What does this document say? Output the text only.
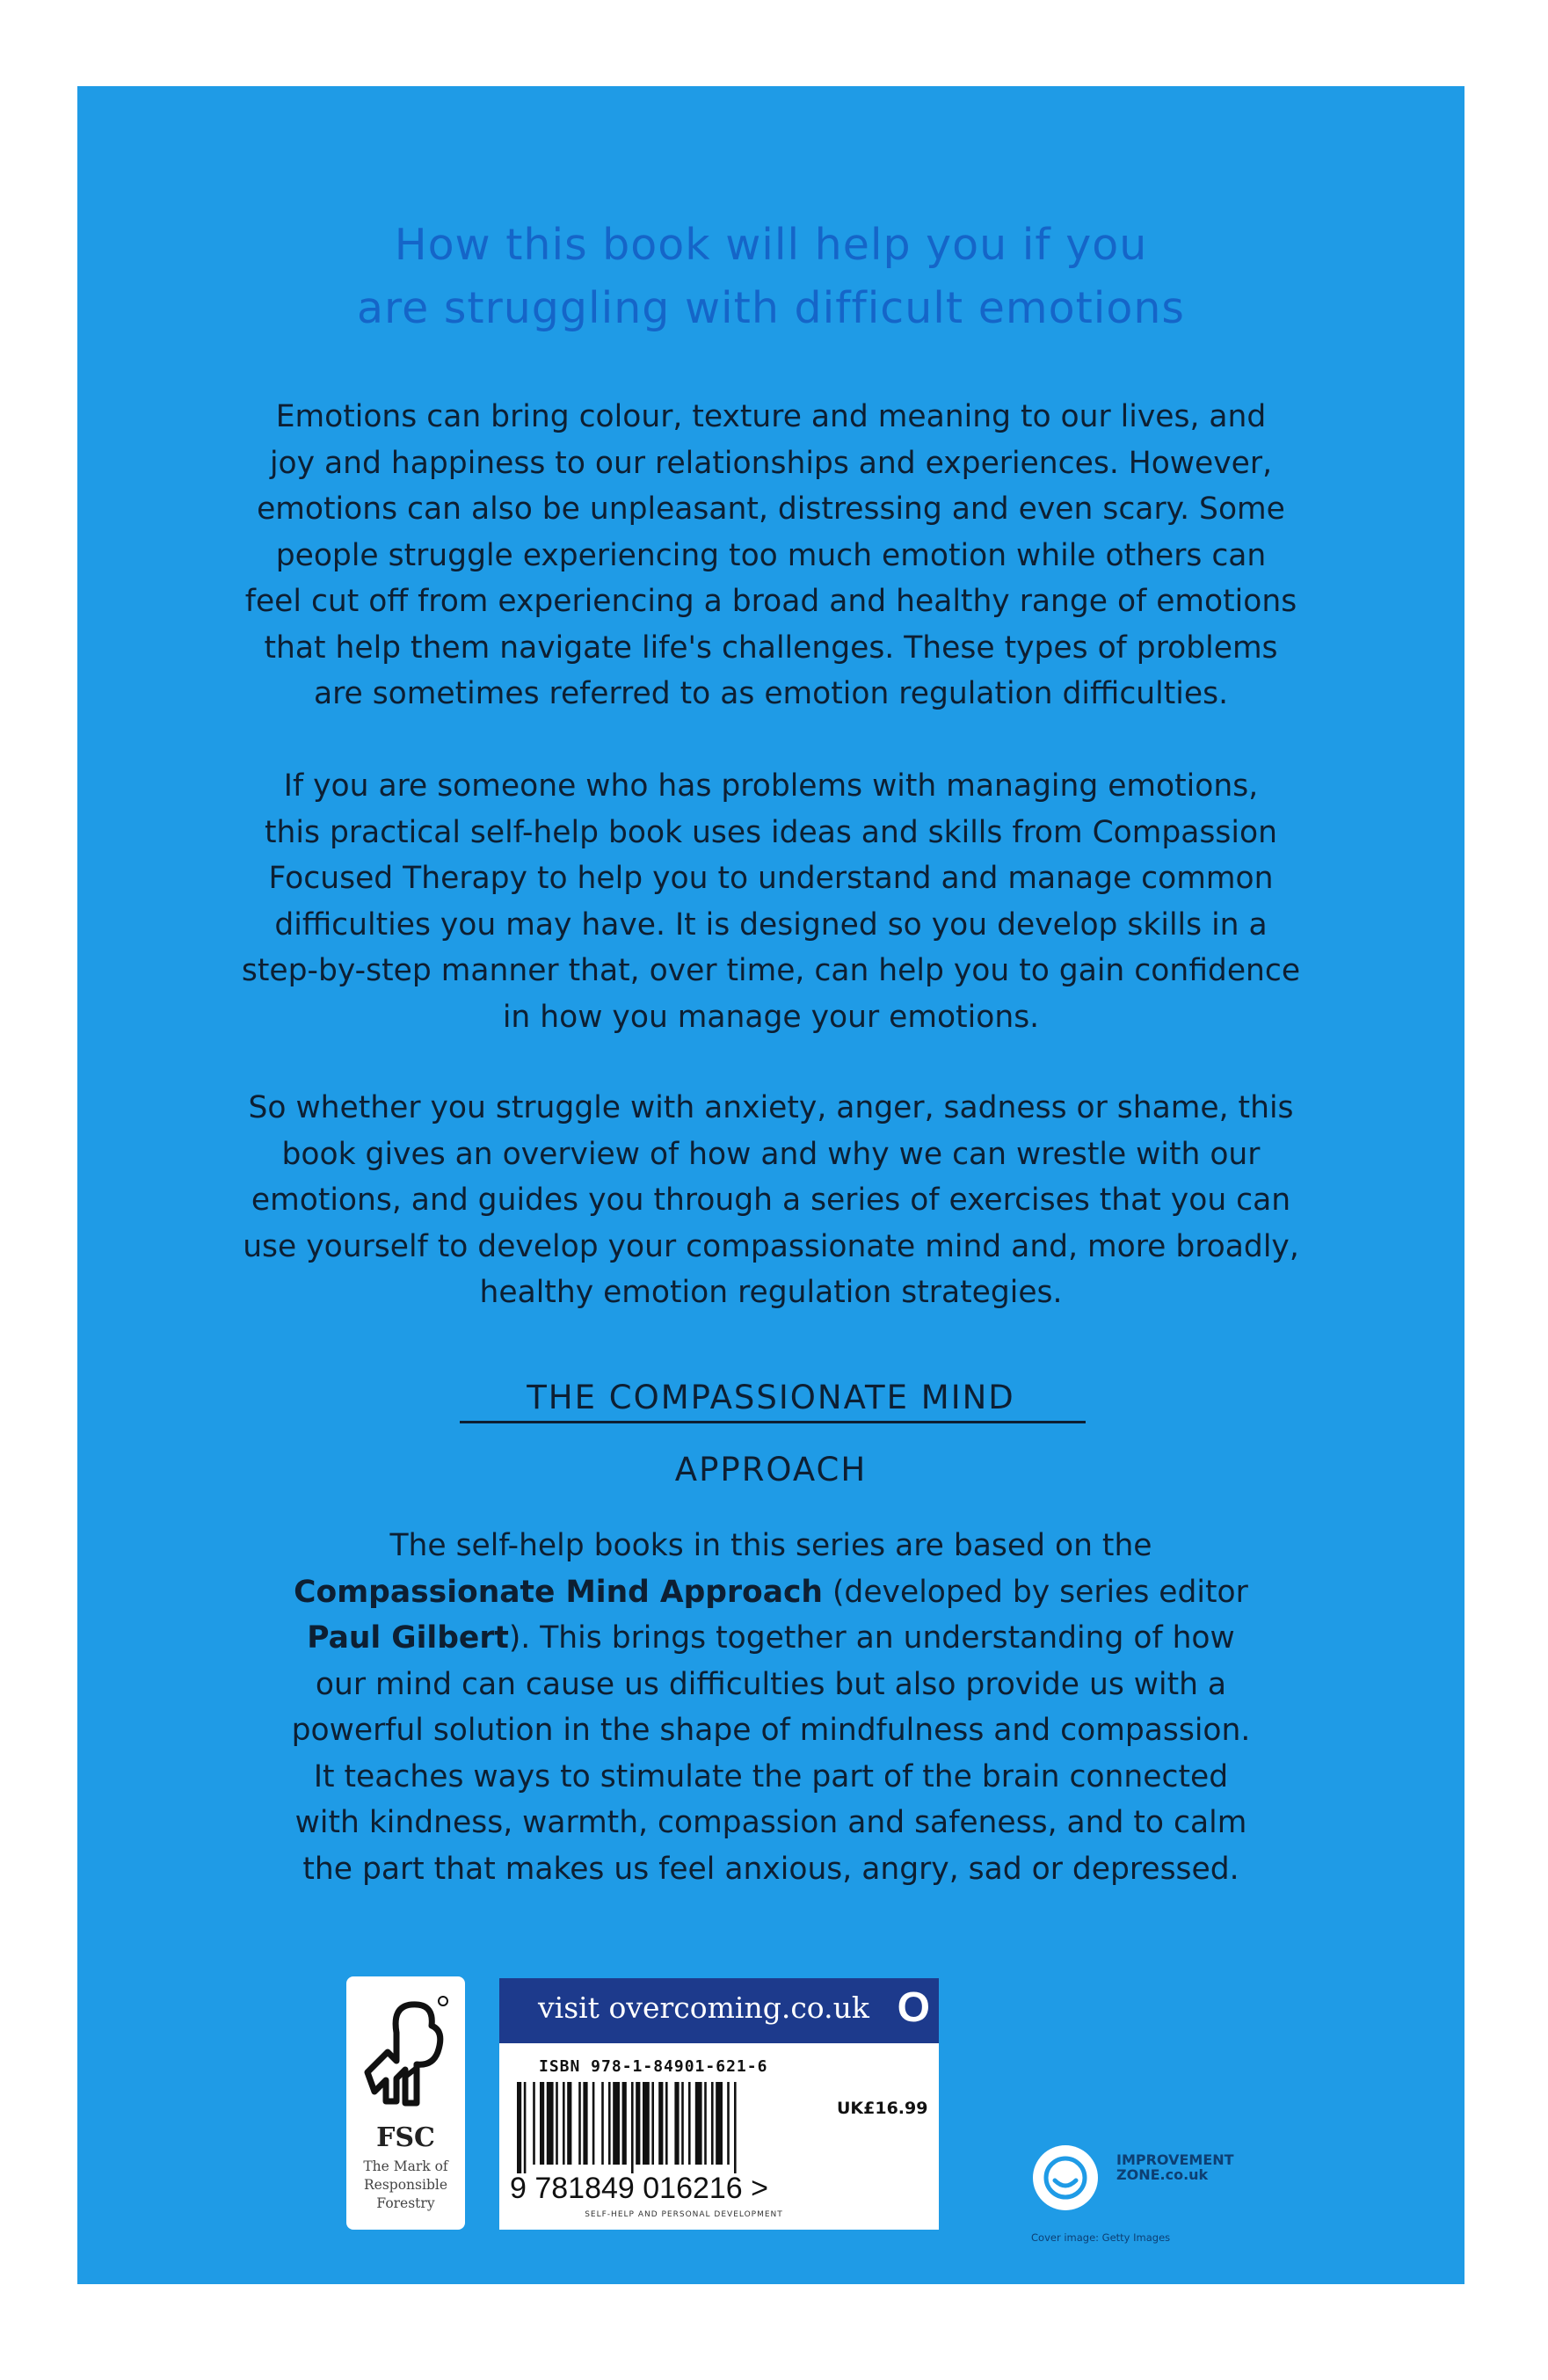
How this book will help you if you
are struggling with difficult emotions
Emotions can bring colour, texture and meaning to our lives, and
joy and happiness to our relationships and experiences. However,
emotions can also be unpleasant, distressing and even scary. Some
people struggle experiencing too much emotion while others can
feel cut off from experiencing a broad and healthy range of emotions
that help them navigate life's challenges. These types of problems
are sometimes referred to as emotion regulation difficulties.
If you are someone who has problems with managing emotions,
this practical self-help book uses ideas and skills from Compassion
Focused Therapy to help you to understand and manage common
difficulties you may have. It is designed so you develop skills in a
step-by-step manner that, over time, can help you to gain confidence
in how you manage your emotions.
So whether you struggle with anxiety, anger, sadness or shame, this
book gives an overview of how and why we can wrestle with our
emotions, and guides you through a series of exercises that you can
use yourself to develop your compassionate mind and, more broadly,
healthy emotion regulation strategies.
THE COMPASSIONATE MIND
APPROACH
The self-help books in this series are based on the
Compassionate Mind Approach (developed by series editor
Paul Gilbert). This brings together an understanding of how
our mind can cause us difficulties but also provide us with a
powerful solution in the shape of mindfulness and compassion.
It teaches ways to stimulate the part of the brain connected
with kindness, warmth, compassion and safeness, and to calm
the part that makes us feel anxious, angry, sad or depressed.
FSC
The Mark of
Responsible
Forestry
visit overcoming.co.uk O
ISBN 978-1-84901-621-6
UK£16.99
9 781849 016216 >
SELF-HELP AND PERSONAL DEVELOPMENT
IMPROVEMENT
ZONE.co.uk
Cover image: Getty Images
